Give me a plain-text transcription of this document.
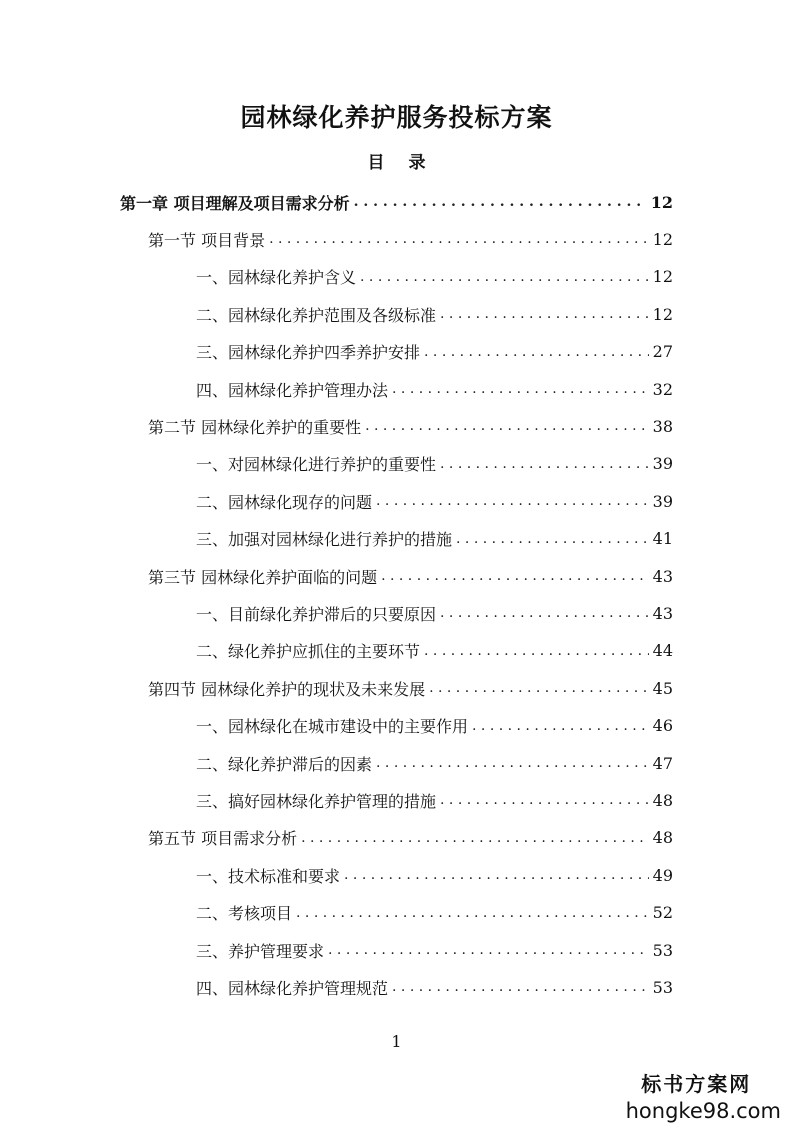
园林绿化养护服务投标方案
目 录
第一章 项目理解及项目需求分析 . . .	12
第一节 项目背景 . . .	12
一、园林绿化养护含义 . . .	12
二、园林绿化养护范围及各级标准 . . .	12
三、园林绿化养护四季养护安排 . . .	27
四、园林绿化养护管理办法 . . .	32
第二节 园林绿化养护的重要性 . . .	38
一、对园林绿化进行养护的重要性 . . .	39
二、园林绿化现存的问题 . . .	39
三、加强对园林绿化进行养护的措施 . . .	41
第三节 园林绿化养护面临的问题 . . .	43
一、目前绿化养护滞后的只要原因 . . .	43
二、绿化养护应抓住的主要环节 . . .	44
第四节 园林绿化养护的现状及未来发展 . . .	45
一、园林绿化在城市建设中的主要作用 . . .	46
二、绿化养护滞后的因素 . . .	47
三、搞好园林绿化养护管理的措施 . . .	48
第五节 项目需求分析 . . .	48
一、技术标准和要求 . . .	49
二、考核项目 . . .	52
三、养护管理要求 . . .	53
四、园林绿化养护管理规范 . . .	53
1
标书方案网
hongke98.com
